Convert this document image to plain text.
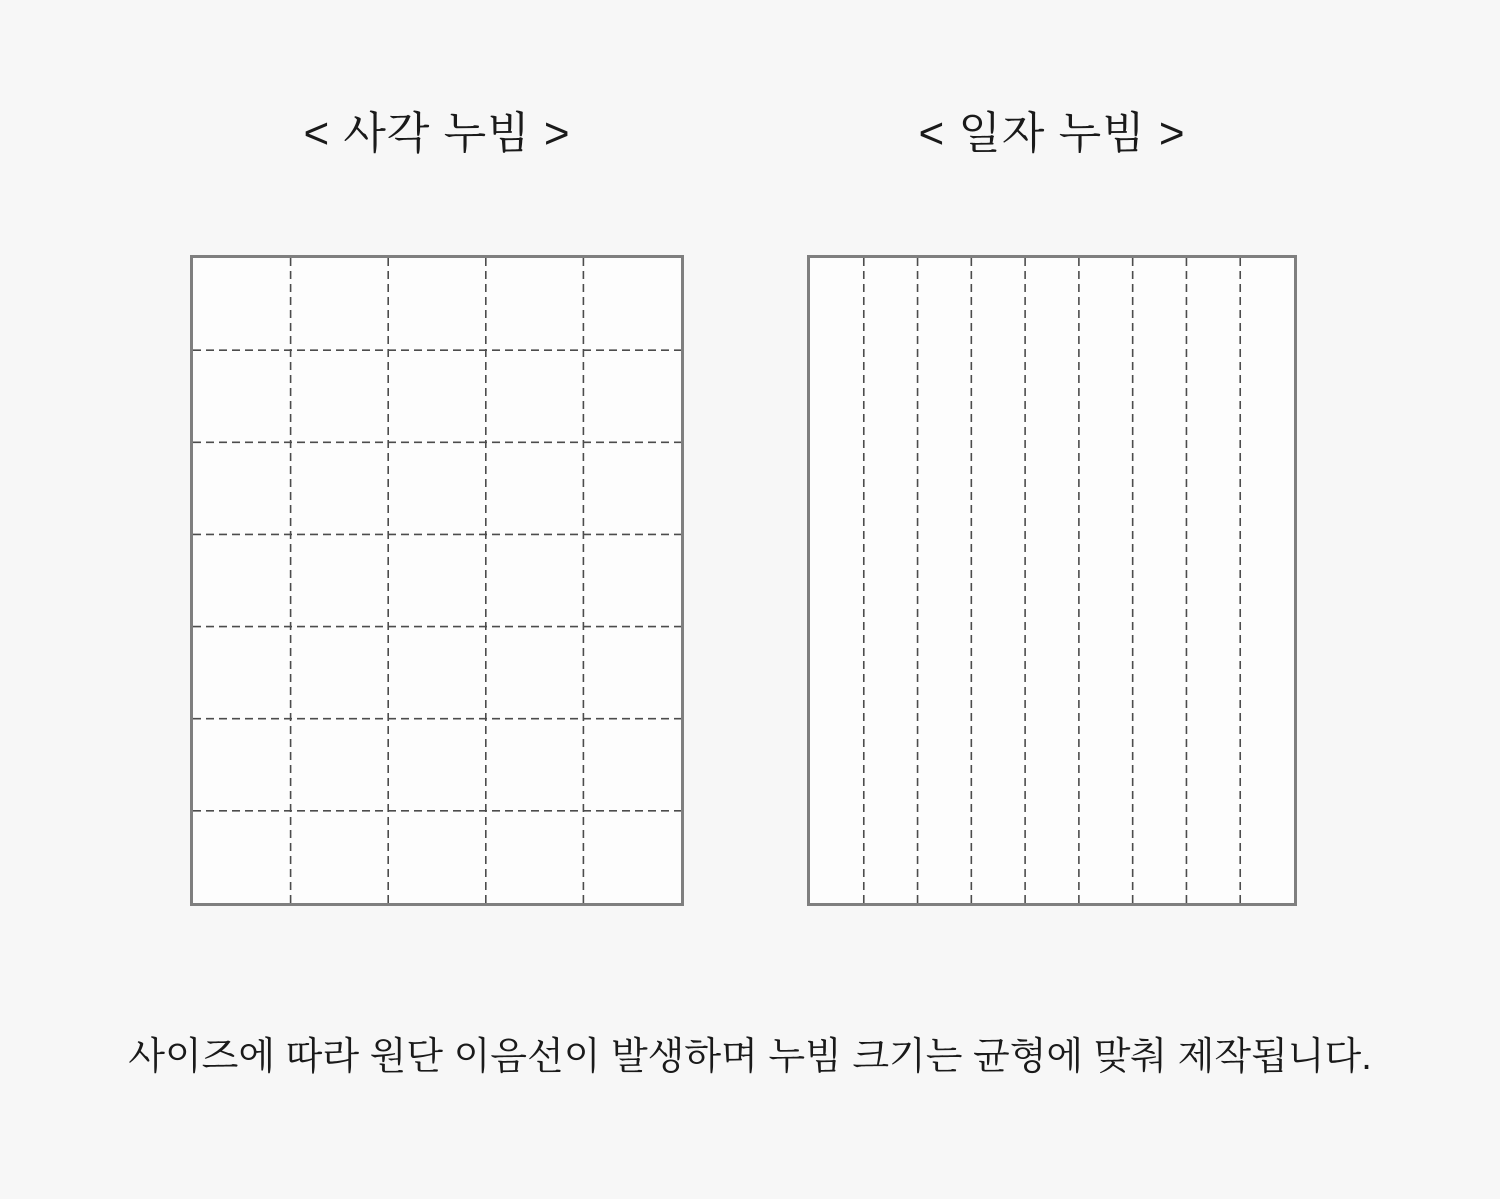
< 사각 누빔 >	< 일자 누빔 >
사이즈에 따라 원단 이음선이 발생하며 누빔 크기는 균형에 맞춰 제작됩니다.
